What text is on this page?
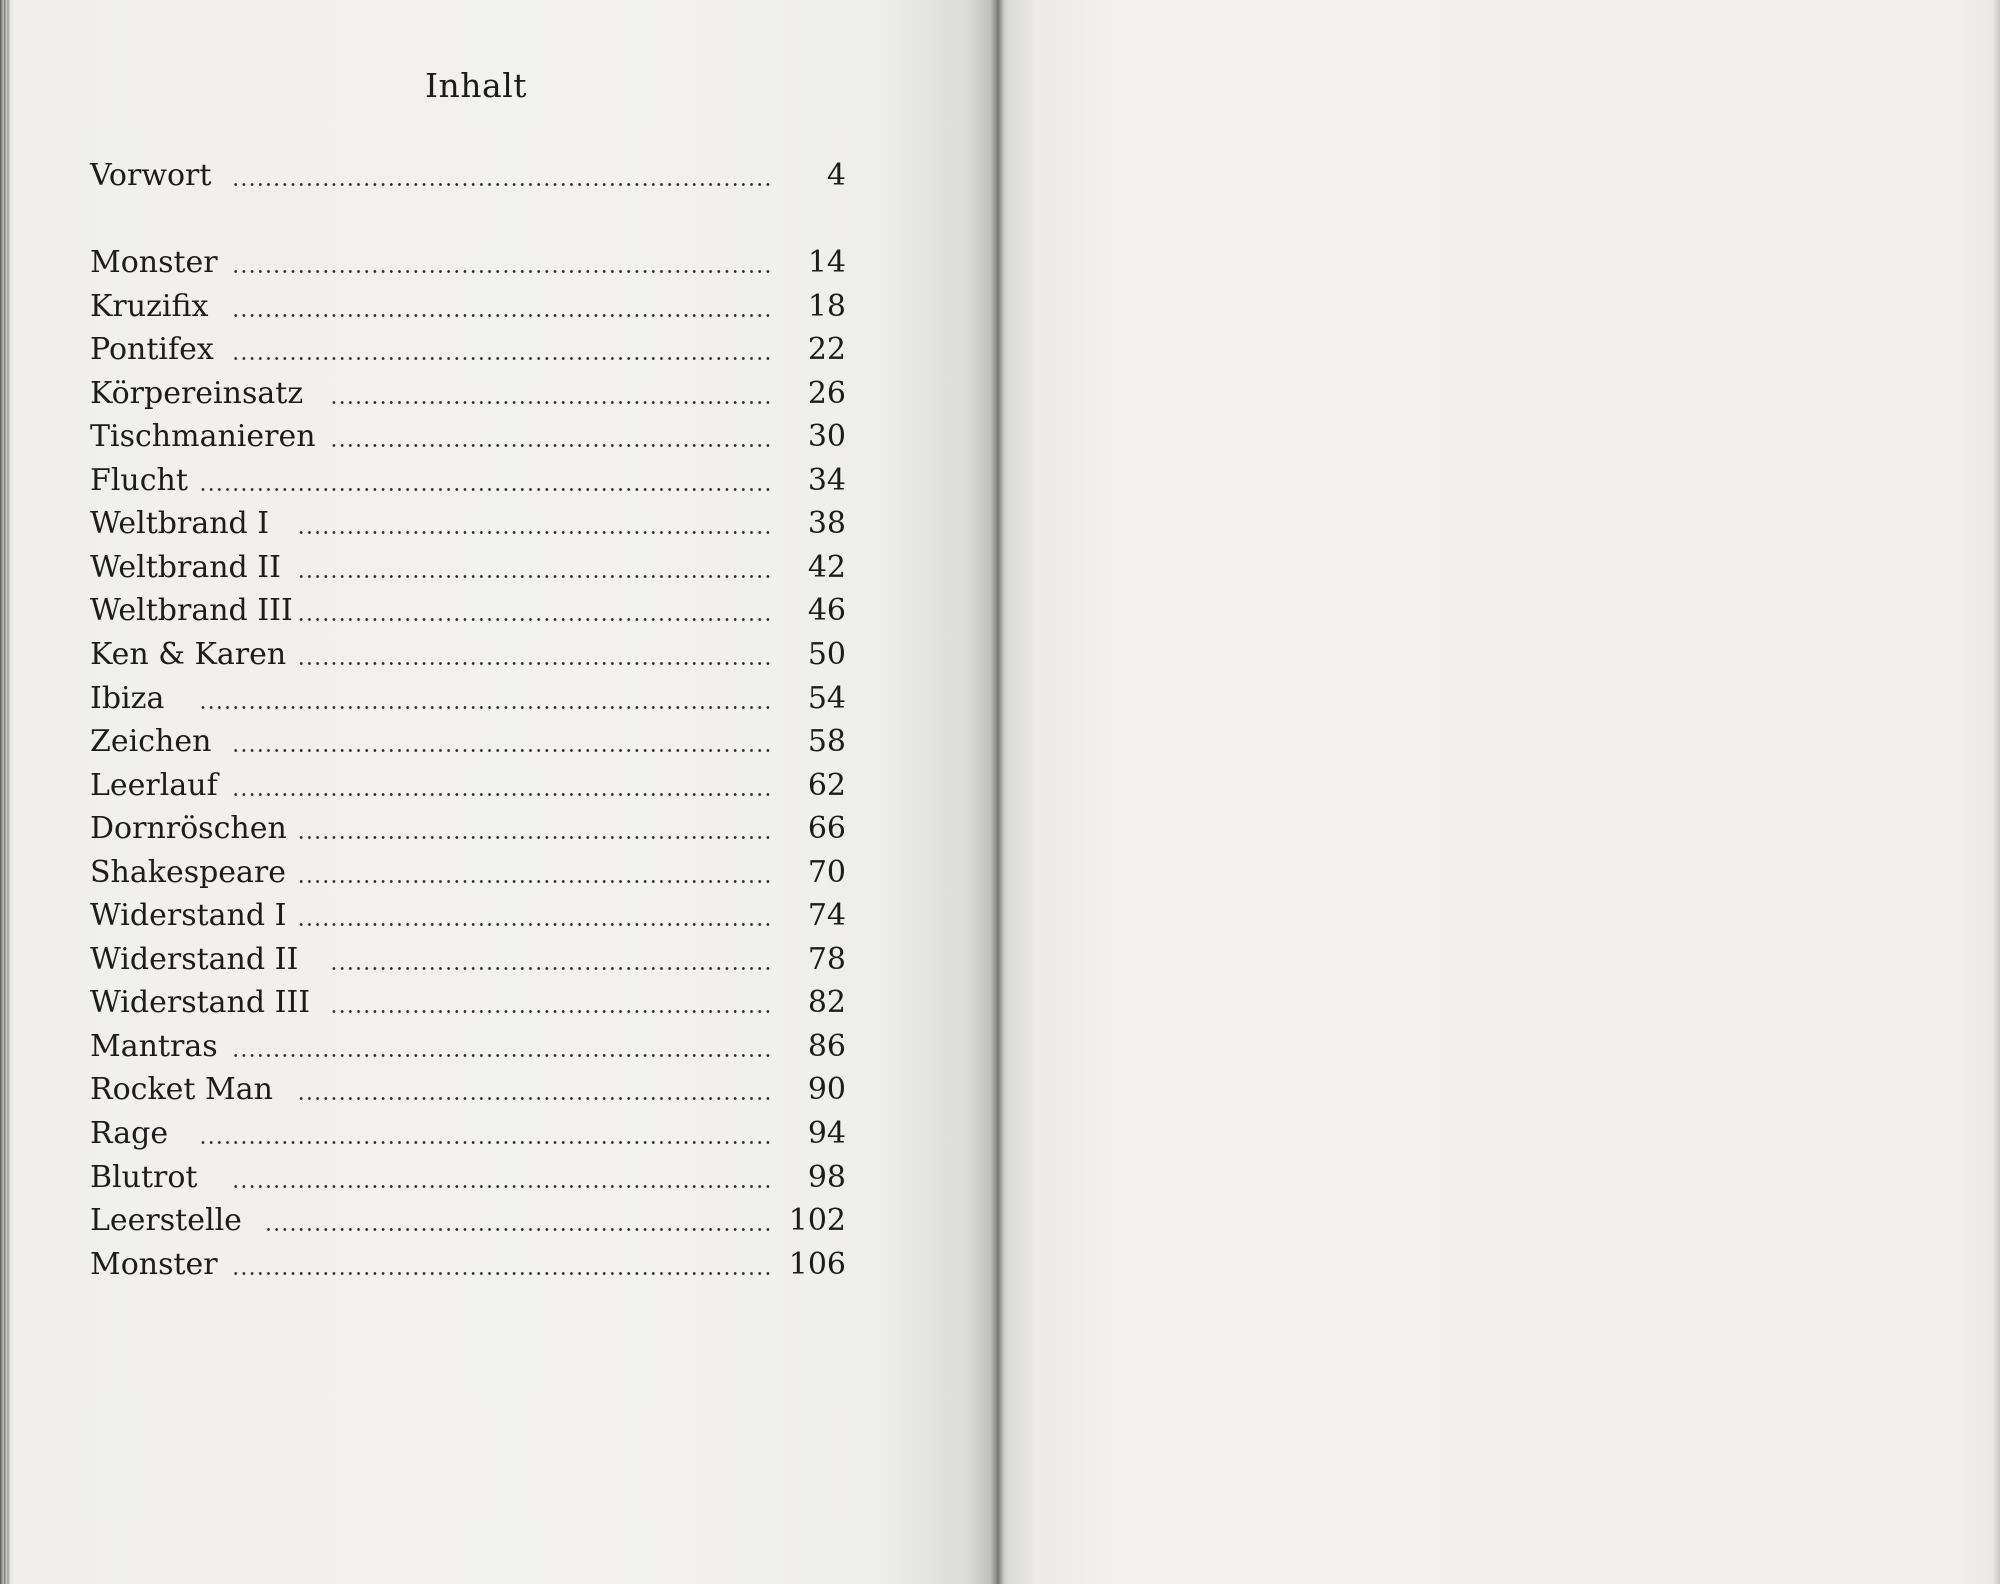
Inhalt
Vorwort	4
Monster	14
Kruzifix	18
Pontifex	22
Körpereinsatz	26
Tischmanieren	30
Flucht	34
Weltbrand I	38
Weltbrand II	42
Weltbrand III	46
Ken & Karen	50
Ibiza	54
Zeichen	58
Leerlauf	62
Dornröschen	66
Shakespeare	70
Widerstand I	74
Widerstand II	78
Widerstand III	82
Mantras	86
Rocket Man	90
Rage	94
Blutrot	98
Leerstelle	102
Monster	106
